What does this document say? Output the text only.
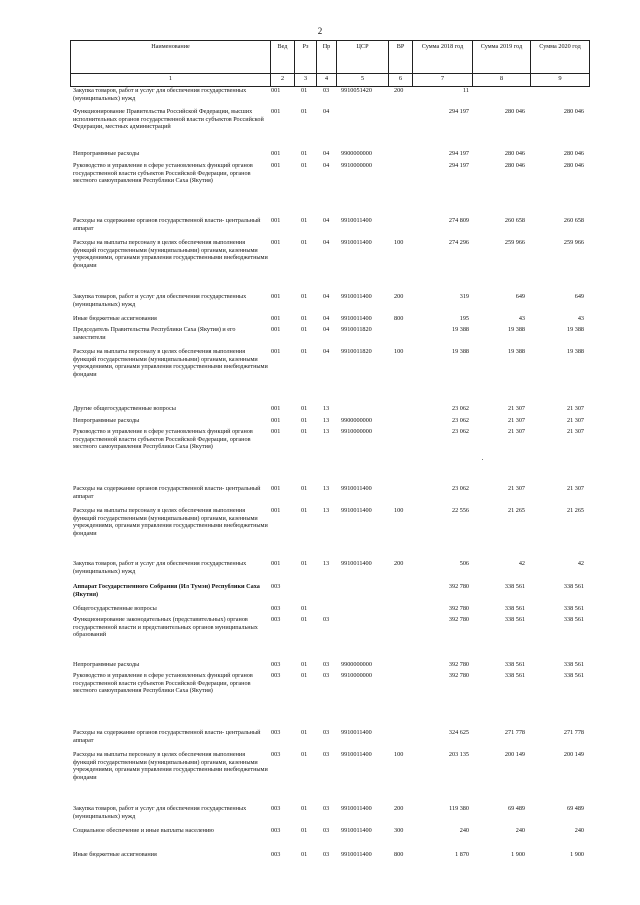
2
Наименование	Вед	Рз	Пр	ЦСР	ВР	Сумма 2018 год	Сумма 2019 год	Сумма 2020 год
1	2	3	4	5	6	7	8	9
Закупка товаров, работ и услуг для обеспечения государственных (муниципальных) нужд
001	01	03 9910051420	200	11
Функционирование Правительства Российской Федерации, высших исполнительных органов государственной власти субъектов Российской Федерации, местных администраций
001	01	04	294 197	280 046	280 046
Непрограммные расходы	001	01	04 9900000000	294 197	280 046	280 046
Руководство и управление в сфере установленных функций органов государственной власти субъектов Российской Федерации, органов местного самоуправления Республики Саха (Якутия)
001	01	04 9910000000	294 197	280 046	280 046
Расходы на содержание органов государственной власти- центральный аппарат
001	01	04 9910011400	274 809	260 658	260 658
Расходы на выплаты персоналу в целях обеспечения выполнения функций государственными (муниципальными) органами, казенными учреждениями, органами управления государственными внебюджетными фондами
001	01	04 9910011400	100	274 296	259 966	259 966
Закупка товаров, работ и услуг для обеспечения государственных (муниципальных) нужд
001	01	04 9910011400	200	319	649	649
Иные бюджетные ассигнования	001	01	04 9910011400	800	195	43	43
Председатель Правительства Республики Саха (Якутия) и его заместители
001	01	04 9910011820	19 388	19 388	19 388
Расходы на выплаты персоналу в целях обеспечения выполнения функций государственными (муниципальными) органами, казенными учреждениями, органами управления государственными внебюджетными фондами
001	01	04 9910011820	100	19 388	19 388	19 388
Другие общегосударственные вопросы	001	01	13	23 062	21 307	21 307
Непрограммные расходы	001	01	13 9900000000	23 062	21 307	21 307
Руководство и управление в сфере установленных функций органов государственной власти субъектов Российской Федерации, органов местного самоуправления Республики Саха (Якутия)
001	01	13 9910000000	23 062	21 307	21 307
Расходы на содержание органов государственной власти- центральный аппарат
001	01	13 9910011400	23 062	21 307	21 307
Расходы на выплаты персоналу в целях обеспечения выполнения функций государственными (муниципальными) органами, казенными учреждениями, органами управления государственными внебюджетными фондами
001	01	13 9910011400	100	22 556	21 265	21 265
Закупка товаров, работ и услуг для обеспечения государственных (муниципальных) нужд
001	01	13 9910011400	200	506	42	42
Аппарат Государственного Собрания (Ил Тумэн) Республики Саха (Якутия)
003	392 780	338 561	338 561
Общегосударственные вопросы	003	01	392 780	338 561	338 561
Функционирование законодательных (представительных) органов государственной власти и представительных органов муниципальных образований
003	01	03	392 780	338 561	338 561
Непрограммные расходы	003	01	03 9900000000	392 780	338 561	338 561
Руководство и управление в сфере установленных функций органов государственной власти субъектов Российской Федерации, органов местного самоуправления Республики Саха (Якутия)
003	01	03 9910000000	392 780	338 561	338 561
Расходы на содержание органов государственной власти- центральный аппарат
003	01	03 9910011400	324 625	271 778	271 778
Расходы на выплаты персоналу в целях обеспечения выполнения функций государственными (муниципальными) органами, казенными учреждениями, органами управления государственными внебюджетными фондами
003	01	03 9910011400	100	203 135	200 149	200 149
Закупка товаров, работ и услуг для обеспечения государственных (муниципальных) нужд
003	01	03 9910011400	200	119 380	69 489	69 489
Социальное обеспечение и иные выплаты населению	003	01	03 9910011400	300	240	240	240
Иные бюджетные ассигнования	003	01	03 9910011400	800	1 870	1 900	1 900
